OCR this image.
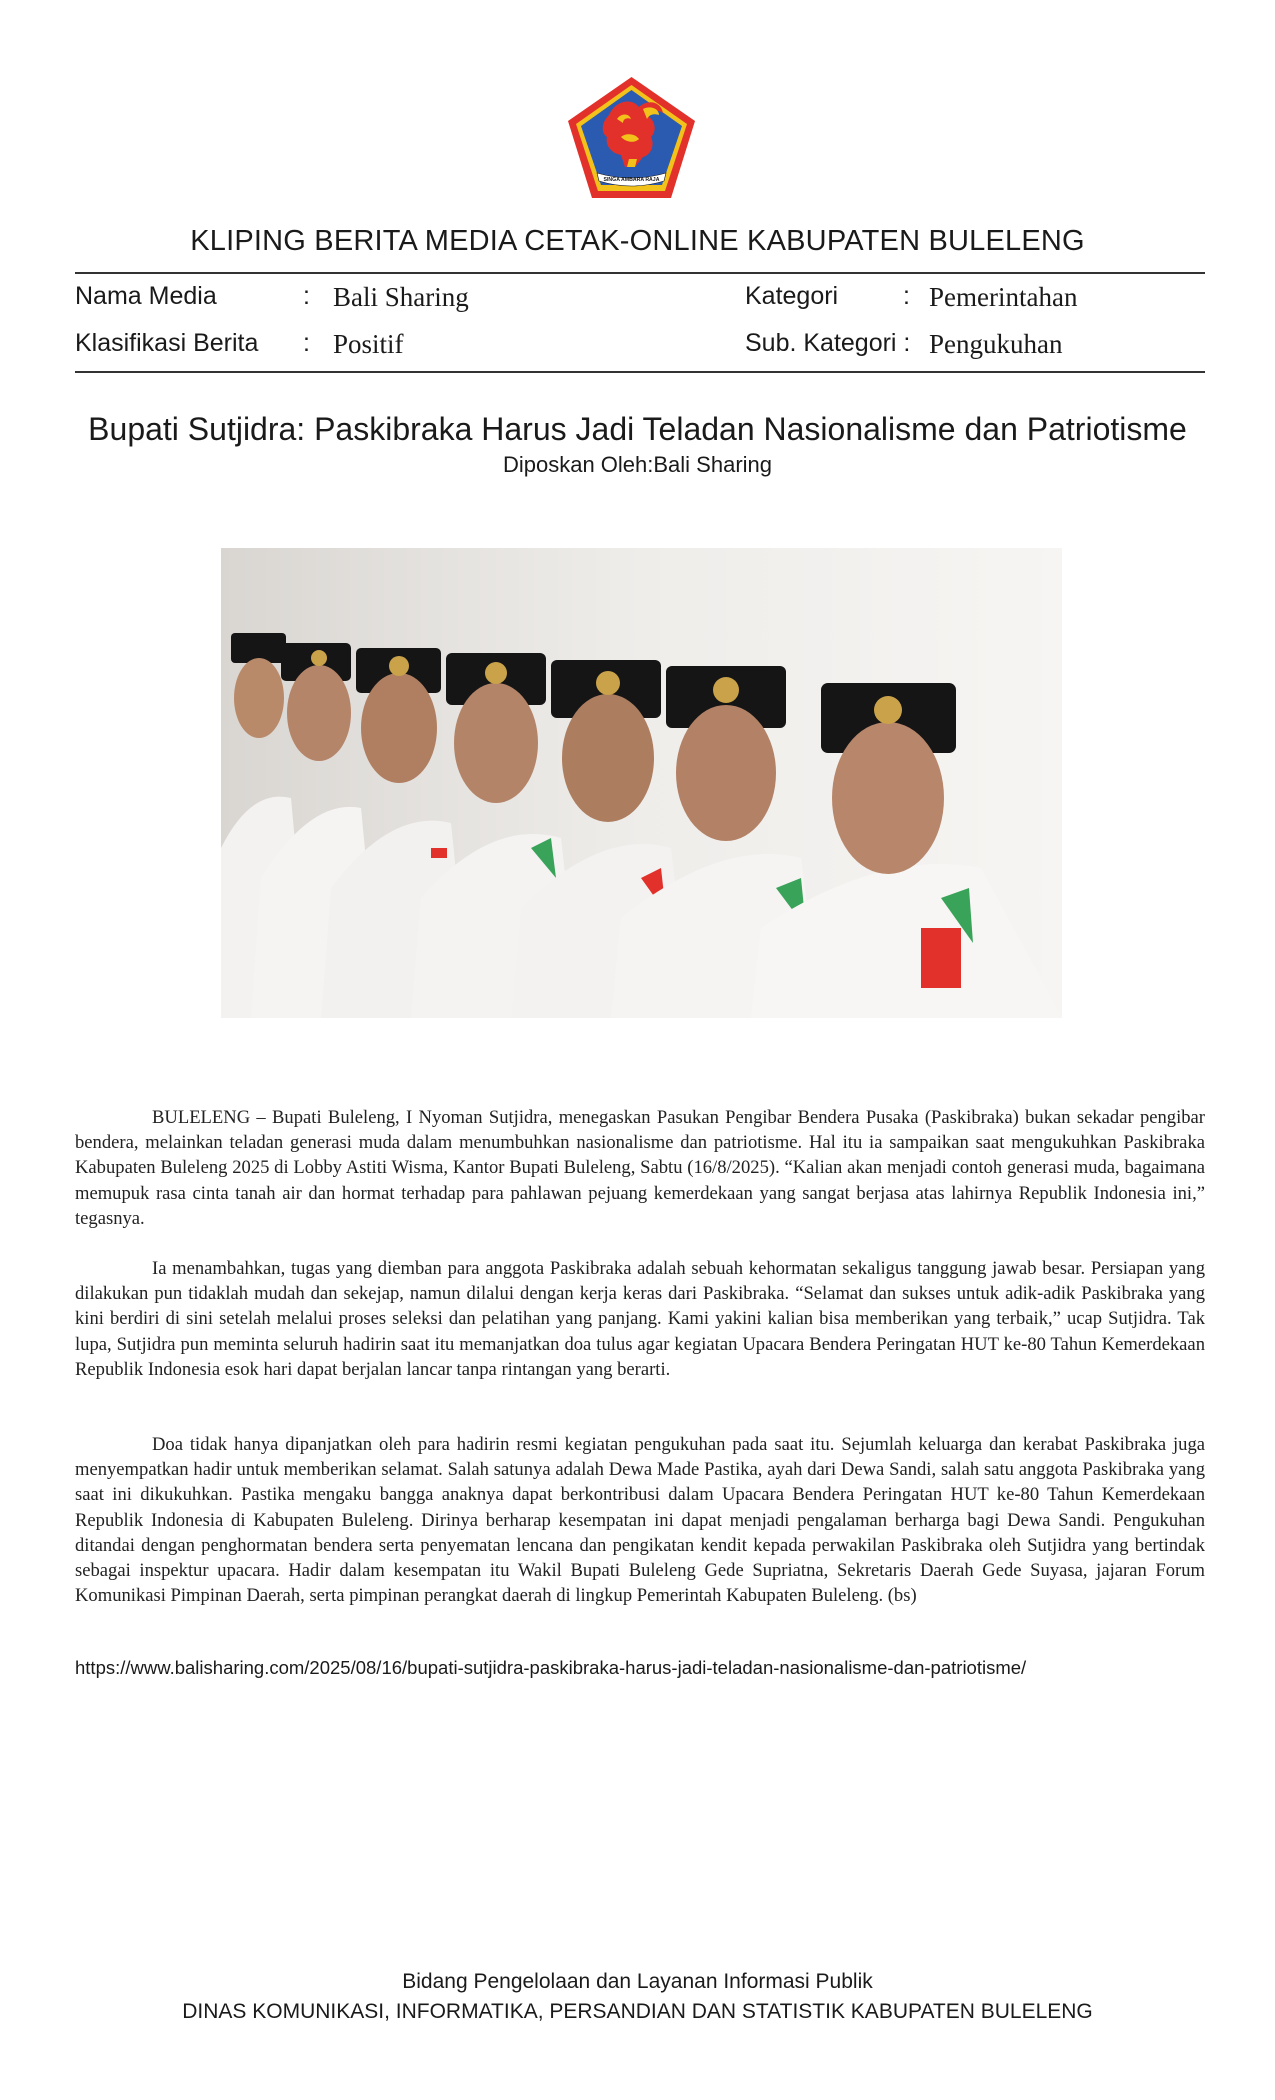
SINGA AMBARA RAJA
KLIPING BERITA MEDIA CETAK-ONLINE KABUPATEN BULELENG
Nama Media	: Bali Sharing
Klasifikasi Berita : Positif
Kategori	: Pemerintahan
Sub. Kategori : Pengukuhan
Bupati Sutjidra: Paskibraka Harus Jadi Teladan Nasionalisme dan Patriotisme
Diposkan Oleh:Bali Sharing

BULELENG – Bupati Buleleng, I Nyoman Sutjidra, menegaskan Pasukan Pengibar Bendera Pusaka (Paskibraka) bukan sekadar pengibar bendera, melainkan teladan generasi muda dalam menumbuhkan nasionalisme dan patriotisme. Hal itu ia sampaikan saat mengukuhkan Paskibraka Kabupaten Buleleng 2025 di Lobby Astiti Wisma, Kantor Bupati Buleleng, Sabtu (16/8/2025). “Kalian akan menjadi contoh generasi muda, bagaimana memupuk rasa cinta tanah air dan hormat terhadap para pahlawan pejuang kemerdekaan yang sangat berjasa atas lahirnya Republik Indonesia ini,” tegasnya.

Ia menambahkan, tugas yang diemban para anggota Paskibraka adalah sebuah kehormatan sekaligus tanggung jawab besar. Persiapan yang dilakukan pun tidaklah mudah dan sekejap, namun dilalui dengan kerja keras dari Paskibraka. “Selamat dan sukses untuk adik-adik Paskibraka yang kini berdiri di sini setelah melalui proses seleksi dan pelatihan yang panjang. Kami yakini kalian bisa memberikan yang terbaik,” ucap Sutjidra. Tak lupa, Sutjidra pun meminta seluruh hadirin saat itu memanjatkan doa tulus agar kegiatan Upacara Bendera Peringatan HUT ke-80 Tahun Kemerdekaan Republik Indonesia esok hari dapat berjalan lancar tanpa rintangan yang berarti.

Doa tidak hanya dipanjatkan oleh para hadirin resmi kegiatan pengukuhan pada saat itu. Sejumlah keluarga dan kerabat Paskibraka juga menyempatkan hadir untuk memberikan selamat. Salah satunya adalah Dewa Made Pastika, ayah dari Dewa Sandi, salah satu anggota Paskibraka yang saat ini dikukuhkan. Pastika mengaku bangga anaknya dapat berkontribusi dalam Upacara Bendera Peringatan HUT ke-80 Tahun Kemerdekaan Republik Indonesia di Kabupaten Buleleng. Dirinya berharap kesempatan ini dapat menjadi pengalaman berharga bagi Dewa Sandi. Pengukuhan ditandai dengan penghormatan bendera serta penyematan lencana dan pengikatan kendit kepada perwakilan Paskibraka oleh Sutjidra yang bertindak sebagai inspektur upacara. Hadir dalam kesempatan itu Wakil Bupati Buleleng Gede Supriatna, Sekretaris Daerah Gede Suyasa, jajaran Forum Komunikasi Pimpinan Daerah, serta pimpinan perangkat daerah di lingkup Pemerintah Kabupaten Buleleng. (bs)

https://www.balisharing.com/2025/08/16/bupati-sutjidra-paskibraka-harus-jadi-teladan-nasionalisme-dan-patriotisme/
Bidang Pengelolaan dan Layanan Informasi Publik
DINAS KOMUNIKASI, INFORMATIKA, PERSANDIAN DAN STATISTIK KABUPATEN BULELENG
